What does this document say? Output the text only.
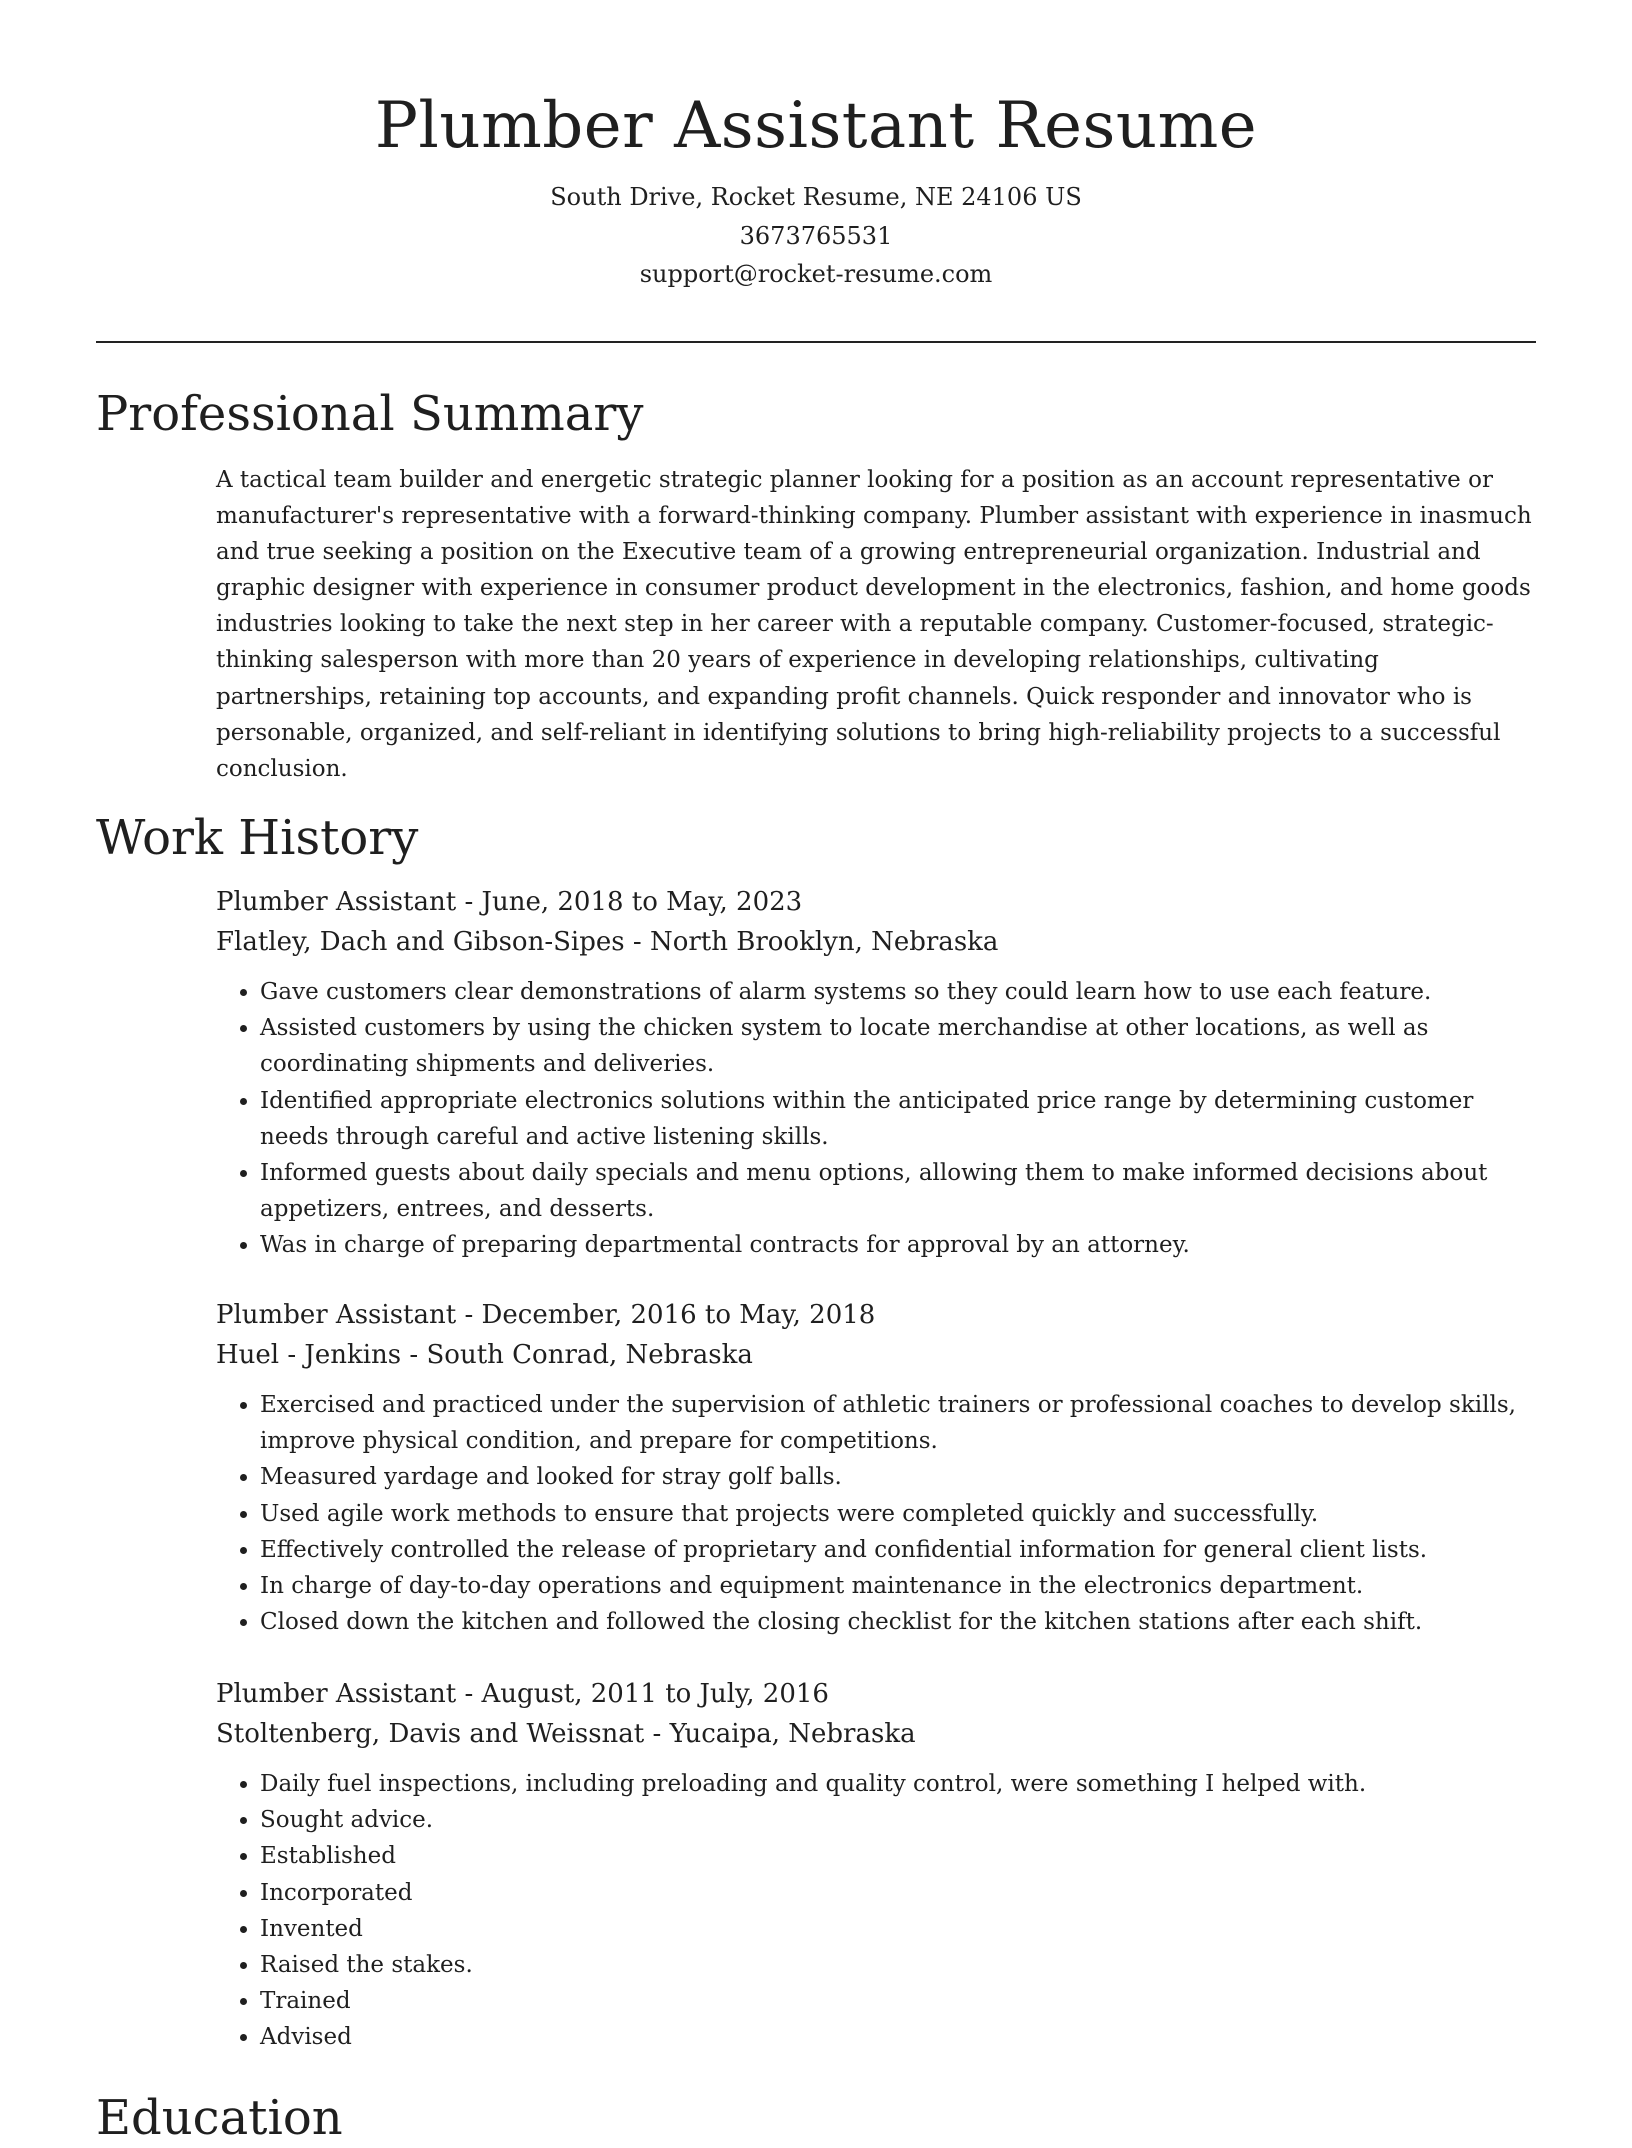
Plumber Assistant Resume
South Drive, Rocket Resume, NE 24106 US
3673765531
support@rocket-resume.com
Professional Summary

A tactical team builder and energetic strategic planner looking for a position as an account representative or manufacturer's representative with a forward-thinking company. Plumber assistant with experience in inasmuch and true seeking a position on the Executive team of a growing entrepreneurial organization. Industrial and graphic designer with experience in consumer product development in the electronics, fashion, and home goods industries looking to take the next step in her career with a reputable company. Customer-focused, strategic-thinking salesperson with more than 20 years of experience in developing relationships, cultivating partnerships, retaining top accounts, and expanding profit channels. Quick responder and innovator who is personable, organized, and self-reliant in identifying solutions to bring high-reliability projects to a successful conclusion.

Work History
Plumber Assistant - June, 2018 to May, 2023
Flatley, Dach and Gibson-Sipes - North Brooklyn, Nebraska
• Gave customers clear demonstrations of alarm systems so they could learn how to use each feature.
• Assisted customers by using the chicken system to locate merchandise at other locations, as well as coordinating shipments and deliveries.
• Identified appropriate electronics solutions within the anticipated price range by determining customer needs through careful and active listening skills.
• Informed guests about daily specials and menu options, allowing them to make informed decisions about appetizers, entrees, and desserts.
• Was in charge of preparing departmental contracts for approval by an attorney.
Plumber Assistant - December, 2016 to May, 2018
Huel - Jenkins - South Conrad, Nebraska
• Exercised and practiced under the supervision of athletic trainers or professional coaches to develop skills, improve physical condition, and prepare for competitions.
• Measured yardage and looked for stray golf balls.
• Used agile work methods to ensure that projects were completed quickly and successfully.
• Effectively controlled the release of proprietary and confidential information for general client lists.
• In charge of day-to-day operations and equipment maintenance in the electronics department.
• Closed down the kitchen and followed the closing checklist for the kitchen stations after each shift.
Plumber Assistant - August, 2011 to July, 2016
Stoltenberg, Davis and Weissnat - Yucaipa, Nebraska
• Daily fuel inspections, including preloading and quality control, were something I helped with.
• Sought advice.
• Established
• Incorporated
• Invented
• Raised the stakes.
• Trained
• Advised
Education
